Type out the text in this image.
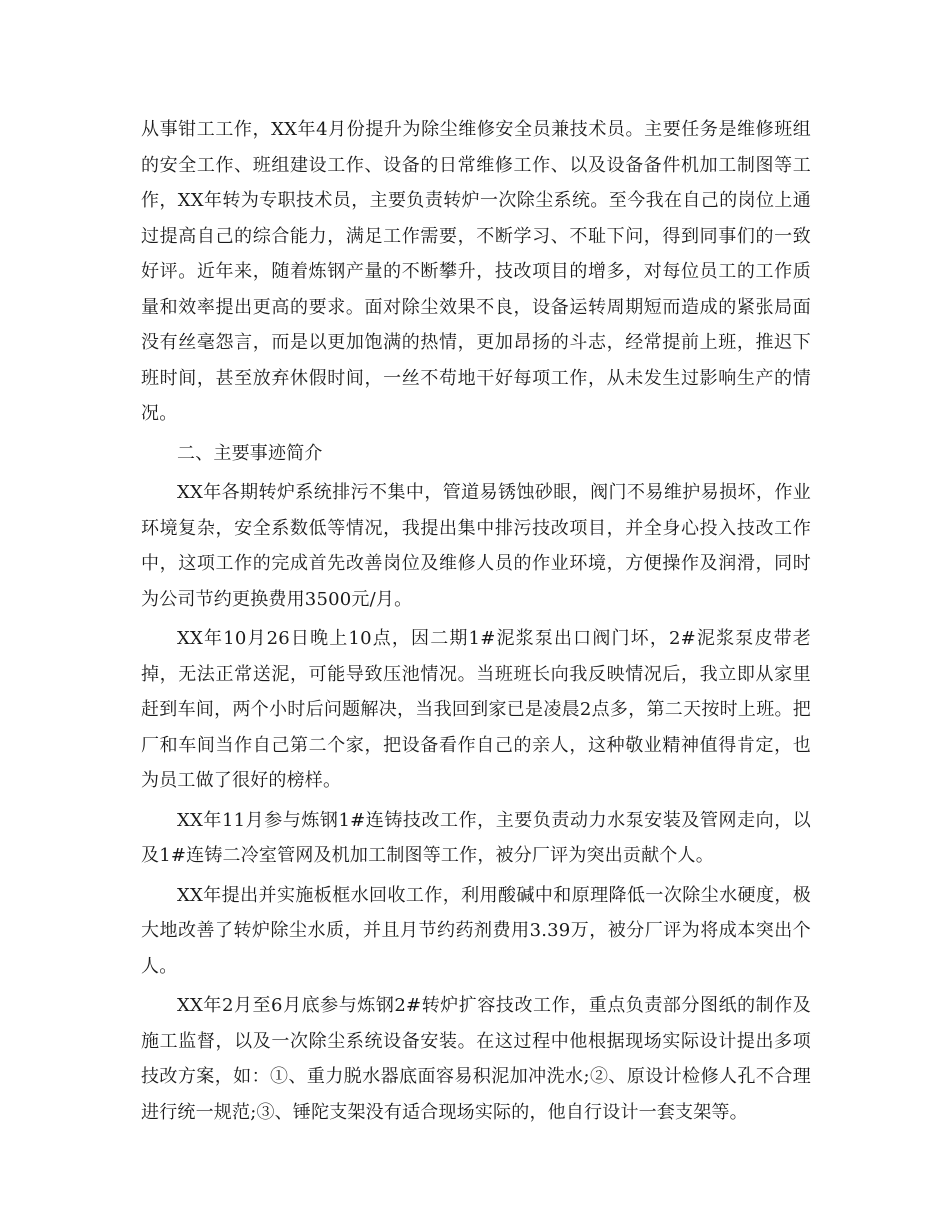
从事钳工工作，XX年4月份提升为除尘维修安全员兼技术员。主要任务是维修班组的安全工作、班组建设工作、设备的日常维修工作、以及设备备件机加工制图等工作，XX年转为专职技术员，主要负责转炉一次除尘系统。至今我在自己的岗位上通过提高自己的综合能力，满足工作需要，不断学习、不耻下问，得到同事们的一致好评。近年来，随着炼钢产量的不断攀升，技改项目的增多，对每位员工的工作质量和效率提出更高的要求。面对除尘效果不良，设备运转周期短而造成的紧张局面没有丝毫怨言，而是以更加饱满的热情，更加昂扬的斗志，经常提前上班，推迟下班时间，甚至放弃休假时间，一丝不苟地干好每项工作，从未发生过影响生产的情况。

二、主要事迹简介

XX年各期转炉系统排污不集中，管道易锈蚀砂眼，阀门不易维护易损坏，作业环境复杂，安全系数低等情况，我提出集中排污技改项目，并全身心投入技改工作中，这项工作的完成首先改善岗位及维修人员的作业环境，方便操作及润滑，同时为公司节约更换费用3500元/月。

XX年10月26日晚上10点，因二期1#泥浆泵出口阀门坏，2#泥浆泵皮带老掉，无法正常送泥，可能导致压池情况。当班班长向我反映情况后，我立即从家里赶到车间，两个小时后问题解决，当我回到家已是凌晨2点多，第二天按时上班。把厂和车间当作自己第二个家，把设备看作自己的亲人，这种敬业精神值得肯定，也为员工做了很好的榜样。

XX年11月参与炼钢1#连铸技改工作，主要负责动力水泵安装及管网走向，以及1#连铸二冷室管网及机加工制图等工作，被分厂评为突出贡献个人。

XX年提出并实施板框水回收工作，利用酸碱中和原理降低一次除尘水硬度，极大地改善了转炉除尘水质，并且月节约药剂费用3.39万，被分厂评为将成本突出个人。

XX年2月至6月底参与炼钢2#转炉扩容技改工作，重点负责部分图纸的制作及施工监督，以及一次除尘系统设备安装。在这过程中他根据现场实际设计提出多项技改方案，如：①、重力脱水器底面容易积泥加冲洗水;②、原设计检修人孔不合理进行统一规范;③、锤陀支架没有适合现场实际的，他自行设计一套支架等。
